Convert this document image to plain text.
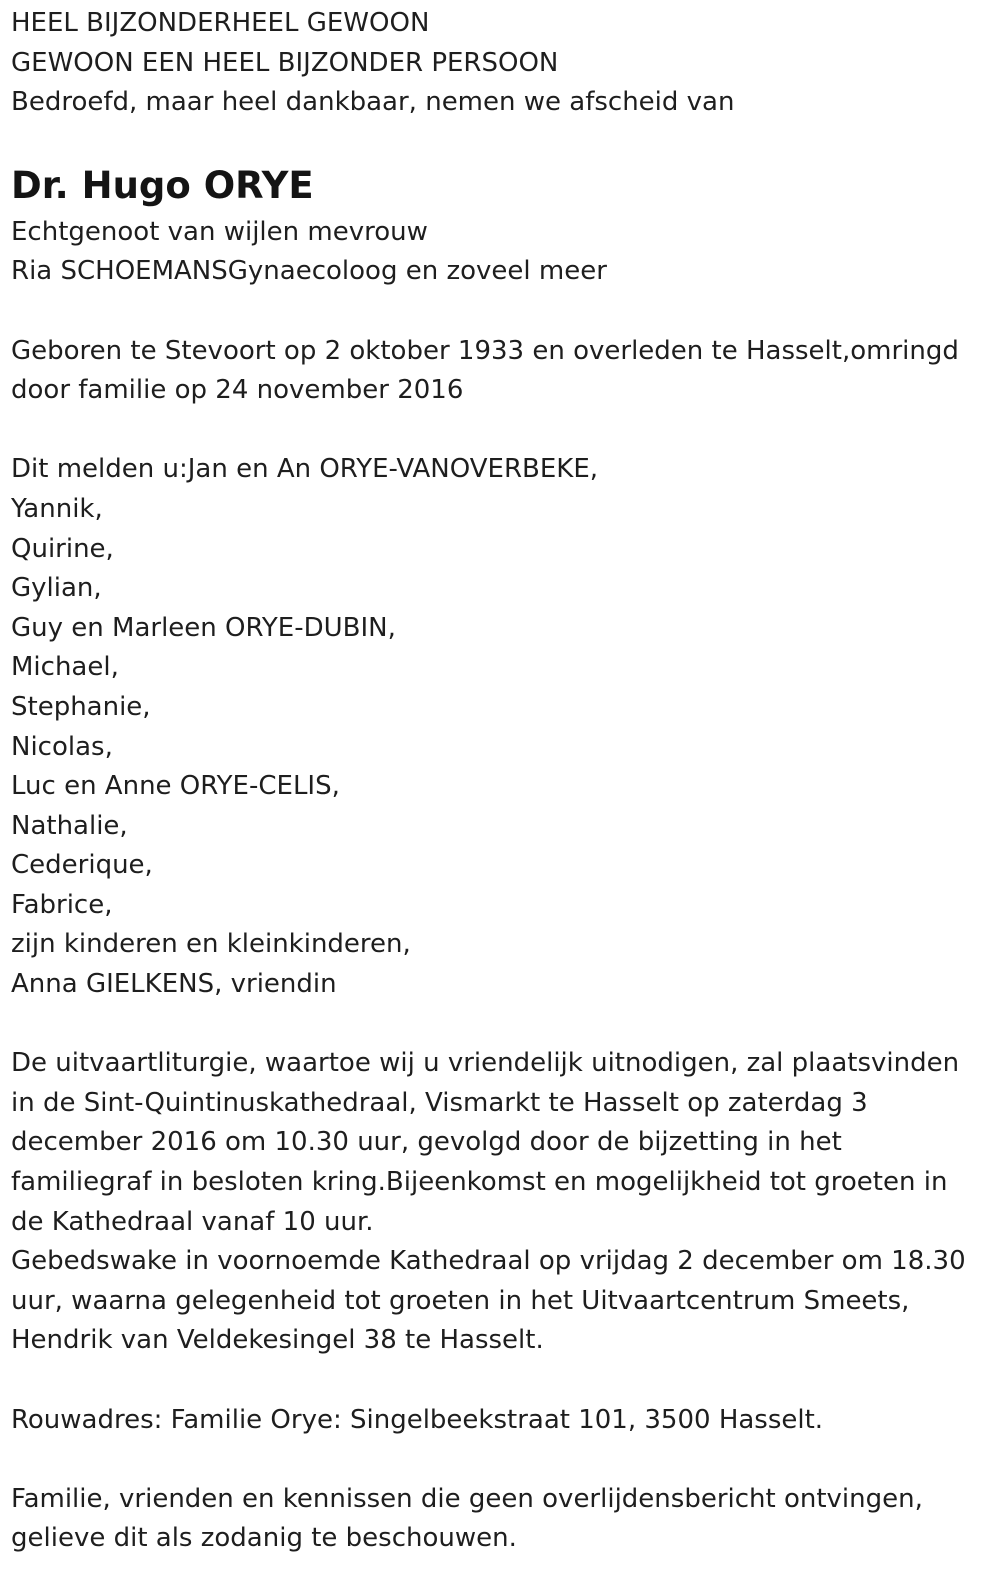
HEEL BIJZONDERHEEL GEWOON

GEWOON EEN HEEL BIJZONDER PERSOON

Bedroefd, maar heel dankbaar, nemen we afscheid van

Dr. Hugo ORYE

Echtgenoot van wijlen mevrouw

Ria SCHOEMANSGynaecoloog en zoveel meer

Geboren te Stevoort op 2 oktober 1933 en overleden te Hasselt,omringd

door familie op 24 november 2016

Dit melden u:Jan en An ORYE-VANOVERBEKE,

Yannik,

Quirine,

Gylian,

Guy en Marleen ORYE-DUBIN,

Michael,

Stephanie,

Nicolas,

Luc en Anne ORYE-CELIS,

Nathalie,

Cederique,

Fabrice,

zijn kinderen en kleinkinderen,

Anna GIELKENS, vriendin

De uitvaartliturgie, waartoe wij u vriendelijk uitnodigen, zal plaatsvinden

in de Sint-Quintinuskathedraal, Vismarkt te Hasselt op zaterdag 3

december 2016 om 10.30 uur, gevolgd door de bijzetting in het

familiegraf in besloten kring.Bijeenkomst en mogelijkheid tot groeten in

de Kathedraal vanaf 10 uur.

Gebedswake in voornoemde Kathedraal op vrijdag 2 december om 18.30

uur, waarna gelegenheid tot groeten in het Uitvaartcentrum Smeets,

Hendrik van Veldekesingel 38 te Hasselt.

Rouwadres: Familie Orye: Singelbeekstraat 101, 3500 Hasselt.

Familie, vrienden en kennissen die geen overlijdensbericht ontvingen,

gelieve dit als zodanig te beschouwen.
